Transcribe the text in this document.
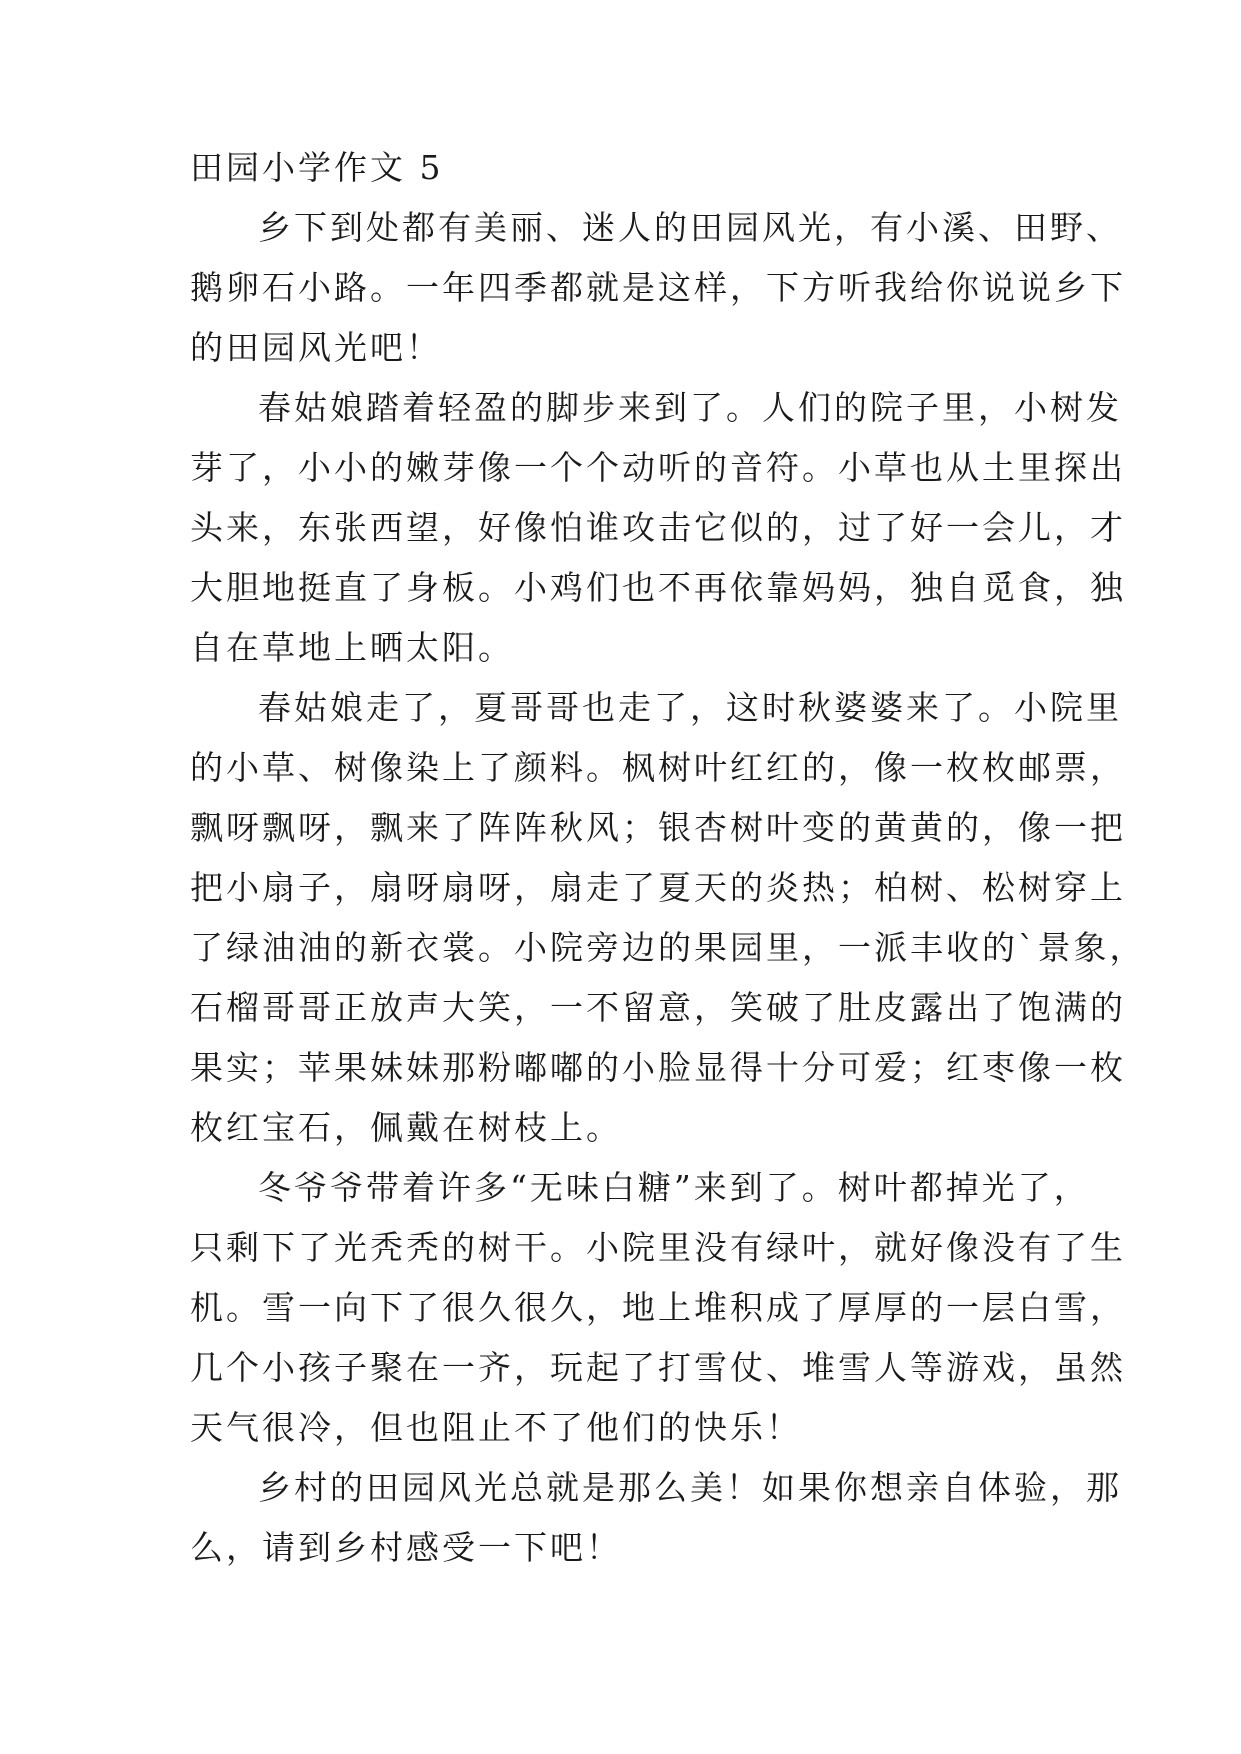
田园小学作文 5
乡下到处都有美丽、迷人的田园风光，有小溪、田野、
鹅卵石小路。一年四季都就是这样，下方听我给你说说乡下
的田园风光吧！
春姑娘踏着轻盈的脚步来到了。人们的院子里，小树发
芽了，小小的嫩芽像一个个动听的音符。小草也从土里探出
头来，东张西望，好像怕谁攻击它似的，过了好一会儿，才
大胆地挺直了身板。小鸡们也不再依靠妈妈，独自觅食，独
自在草地上晒太阳。
春姑娘走了，夏哥哥也走了，这时秋婆婆来了。小院里
的小草、树像染上了颜料。枫树叶红红的，像一枚枚邮票，
飘呀飘呀，飘来了阵阵秋风；银杏树叶变的黄黄的，像一把
把小扇子，扇呀扇呀，扇走了夏天的炎热；柏树、松树穿上
了绿油油的新衣裳。小院旁边的果园里，一派丰收的`景象，
石榴哥哥正放声大笑，一不留意，笑破了肚皮露出了饱满的
果实；苹果妹妹那粉嘟嘟的小脸显得十分可爱；红枣像一枚
枚红宝石，佩戴在树枝上。
冬爷爷带着许多“无味白糖”来到了。树叶都掉光了，
只剩下了光秃秃的树干。小院里没有绿叶，就好像没有了生
机。雪一向下了很久很久，地上堆积成了厚厚的一层白雪，
几个小孩子聚在一齐，玩起了打雪仗、堆雪人等游戏，虽然
天气很冷，但也阻止不了他们的快乐！
乡村的田园风光总就是那么美！如果你想亲自体验，那
么，请到乡村感受一下吧！
